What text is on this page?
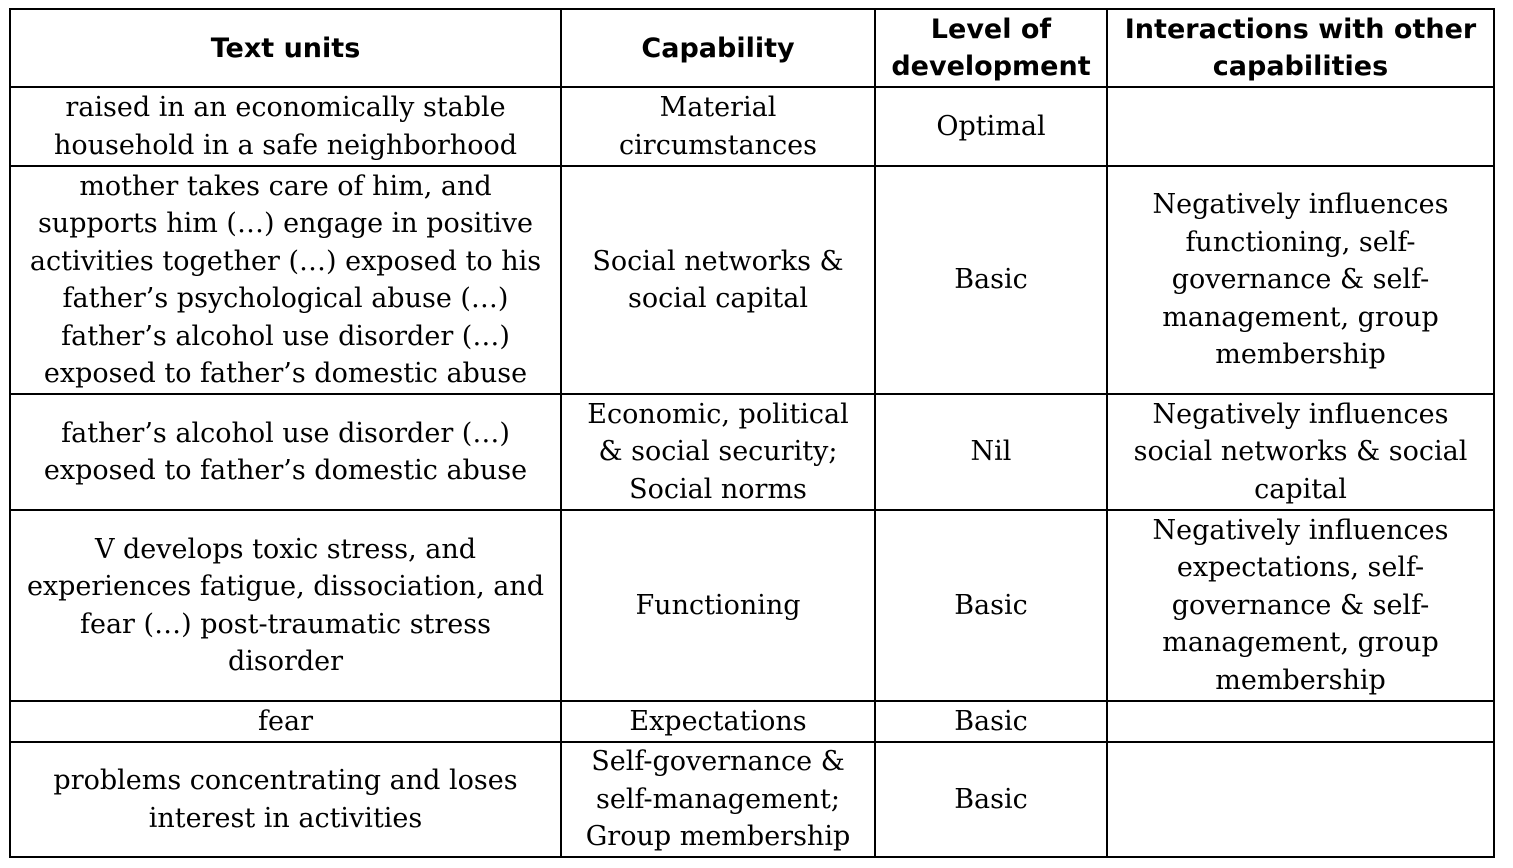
Text units	Capability	Level of development	Interactions with other capabilities
raised in an economically stable household in a safe neighborhood	Material circumstances	Optimal	
mother takes care of him, and supports him (…) engage in positive activities together (…) exposed to his father’s psychological abuse (…) father’s alcohol use disorder (…) exposed to father’s domestic abuse	Social networks & social capital	Basic	Negatively influences functioning, self-governance & self-management, group membership
father’s alcohol use disorder (…) exposed to father’s domestic abuse	Economic, political & social security; Social norms	Nil	Negatively influences social networks & social capital
V develops toxic stress, and experiences fatigue, dissociation, and fear (…) post-traumatic stress disorder	Functioning	Basic	Negatively influences expectations, self-governance & self-management, group membership
fear	Expectations	Basic	
problems concentrating and loses interest in activities	Self-governance & self-management; Group membership	Basic	
